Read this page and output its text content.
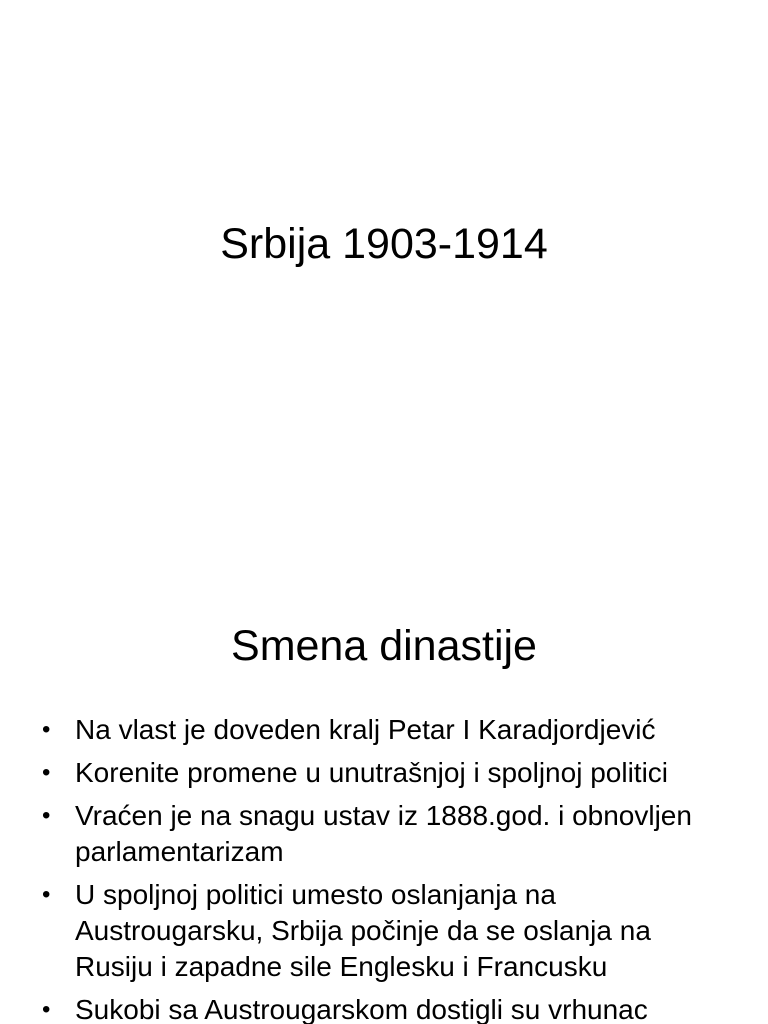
Srbija 1903-1914
Smena dinastije
• Na vlast je doveden kralj Petar I Karadjordjević
• Korenite promene u unutrašnjoj i spoljnoj politici
• Vraćen je na snagu ustav iz 1888.god. i obnovljen parlamentarizam
• U spoljnoj politici umesto oslanjanja na Austrougarsku, Srbija počinje da se oslanja na Rusiju i zapadne sile Englesku i Francusku
• Sukobi sa Austrougarskom dostigli su vrhunac
